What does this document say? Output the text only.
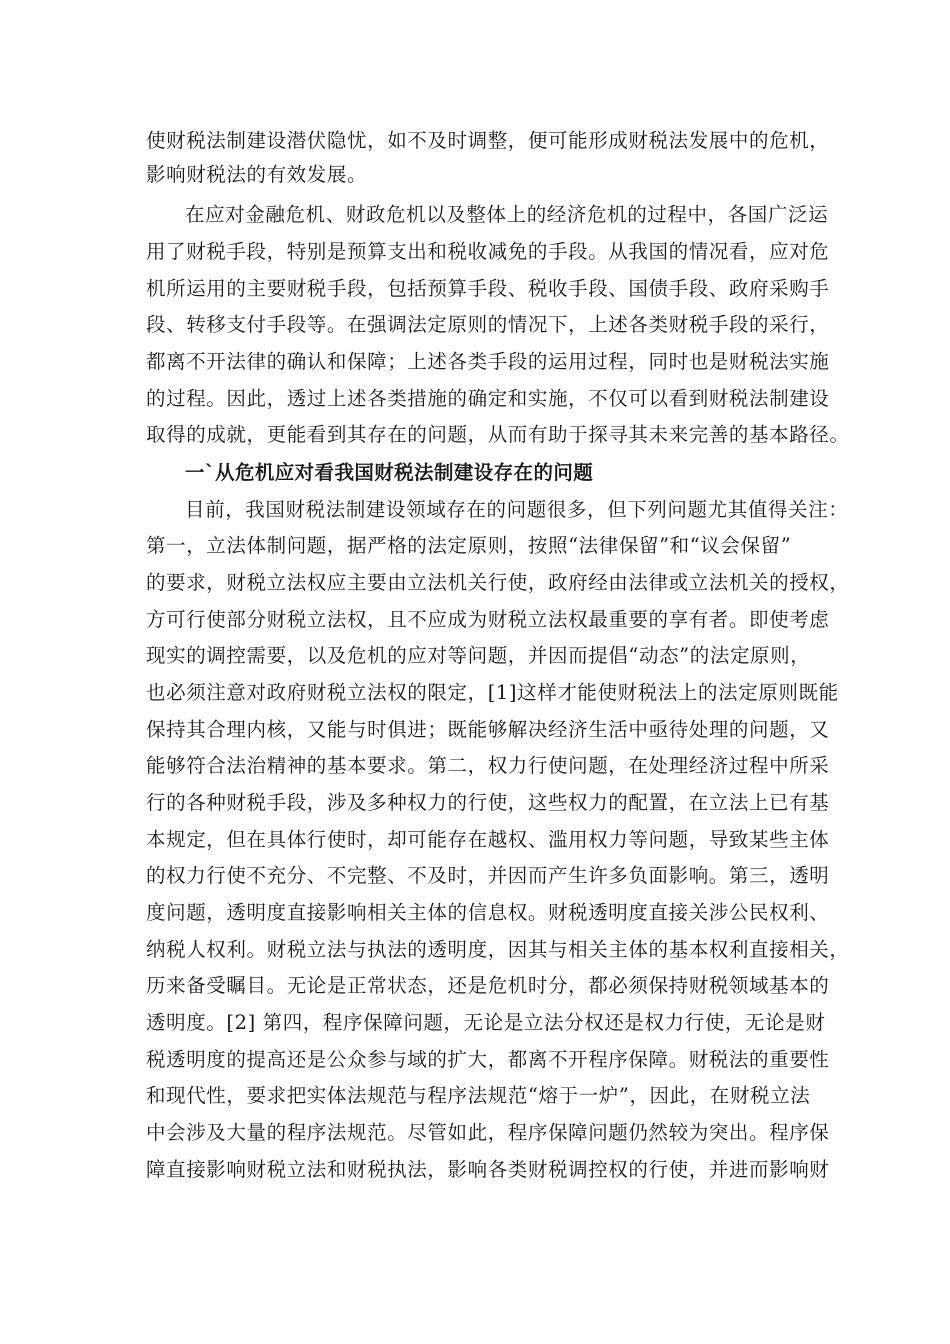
使财税法制建设潜伏隐忧，如不及时调整，便可能形成财税法发展中的危机，
影响财税法的有效发展。
在应对金融危机、财政危机以及整体上的经济危机的过程中，各国广泛运
用了财税手段，特别是预算支出和税收减免的手段。从我国的情况看，应对危
机所运用的主要财税手段，包括预算手段、税收手段、国债手段、政府采购手
段、转移支付手段等。在强调法定原则的情况下，上述各类财税手段的采行，
都离不开法律的确认和保障；上述各类手段的运用过程，同时也是财税法实施
的过程。因此，透过上述各类措施的确定和实施，不仅可以看到财税法制建设
取得的成就，更能看到其存在的问题，从而有助于探寻其未来完善的基本路径。
一`从危机应对看我国财税法制建设存在的问题
目前，我国财税法制建设领域存在的问题很多，但下列问题尤其值得关注：
第一，立法体制问题，据严格的法定原则，按照“法律保留”和“议会保留”
的要求，财税立法权应主要由立法机关行使，政府经由法律或立法机关的授权，
方可行使部分财税立法权，且不应成为财税立法权最重要的享有者。即使考虑
现实的调控需要，以及危机的应对等问题，并因而提倡“动态”的法定原则，
也必须注意对政府财税立法权的限定，[1]这样才能使财税法上的法定原则既能
保持其合理内核，又能与时俱进；既能够解决经济生活中亟待处理的问题，又
能够符合法治精神的基本要求。第二，权力行使问题，在处理经济过程中所采
行的各种财税手段，涉及多种权力的行使，这些权力的配置，在立法上已有基
本规定，但在具体行使时，却可能存在越权、滥用权力等问题，导致某些主体
的权力行使不充分、不完整、不及时，并因而产生许多负面影响。第三，透明
度问题，透明度直接影响相关主体的信息权。财税透明度直接关涉公民权利、
纳税人权利。财税立法与执法的透明度，因其与相关主体的基本权利直接相关，
历来备受瞩目。无论是正常状态，还是危机时分，都必须保持财税领域基本的
透明度。[2] 第四，程序保障问题，无论是立法分权还是权力行使，无论是财
税透明度的提高还是公众参与域的扩大，都离不开程序保障。财税法的重要性
和现代性，要求把实体法规范与程序法规范“熔于一炉”，因此，在财税立法
中会涉及大量的程序法规范。尽管如此，程序保障问题仍然较为突出。程序保
障直接影响财税立法和财税执法，影响各类财税调控权的行使，并进而影响财
